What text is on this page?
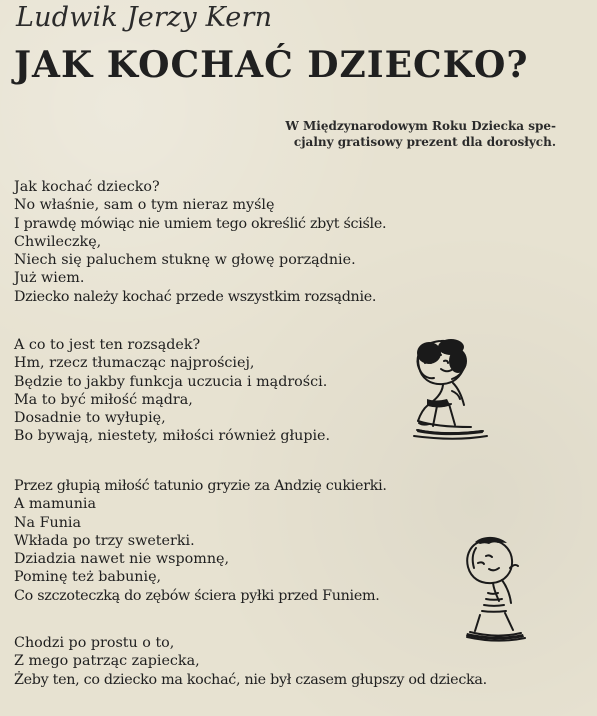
Ludwik Jerzy Kern
JAK KOCHAĆ DZIECKO?
W Międzynarodowym Roku Dziecka spe-
cjalny gratisowy prezent dla dorosłych.
Jak kochać dziecko?
No właśnie, sam o tym nieraz myślę
I prawdę mówiąc nie umiem tego określić zbyt ściśle.
Chwileczkę,
Niech się paluchem stuknę w głowę porządnie.
Już wiem.
Dziecko należy kochać przede wszystkim rozsądnie.
A co to jest ten rozsądek?
Hm, rzecz tłumacząc najprościej,
Będzie to jakby funkcja uczucia i mądrości.
Ma to być miłość mądra,
Dosadnie to wyłupię,
Bo bywają, niestety, miłości również głupie.
Przez głupią miłość tatunio gryzie za Andzię cukierki.
A mamunia
Na Funia
Wkłada po trzy sweterki.
Dziadzia nawet nie wspomnę,
Pominę też babunię,
Co szczoteczką do zębów ściera pyłki przed Funiem.
Chodzi po prostu o to,
Z mego patrząc zapiecka,
Żeby ten, co dziecko ma kochać, nie był czasem głupszy od dziecka.
